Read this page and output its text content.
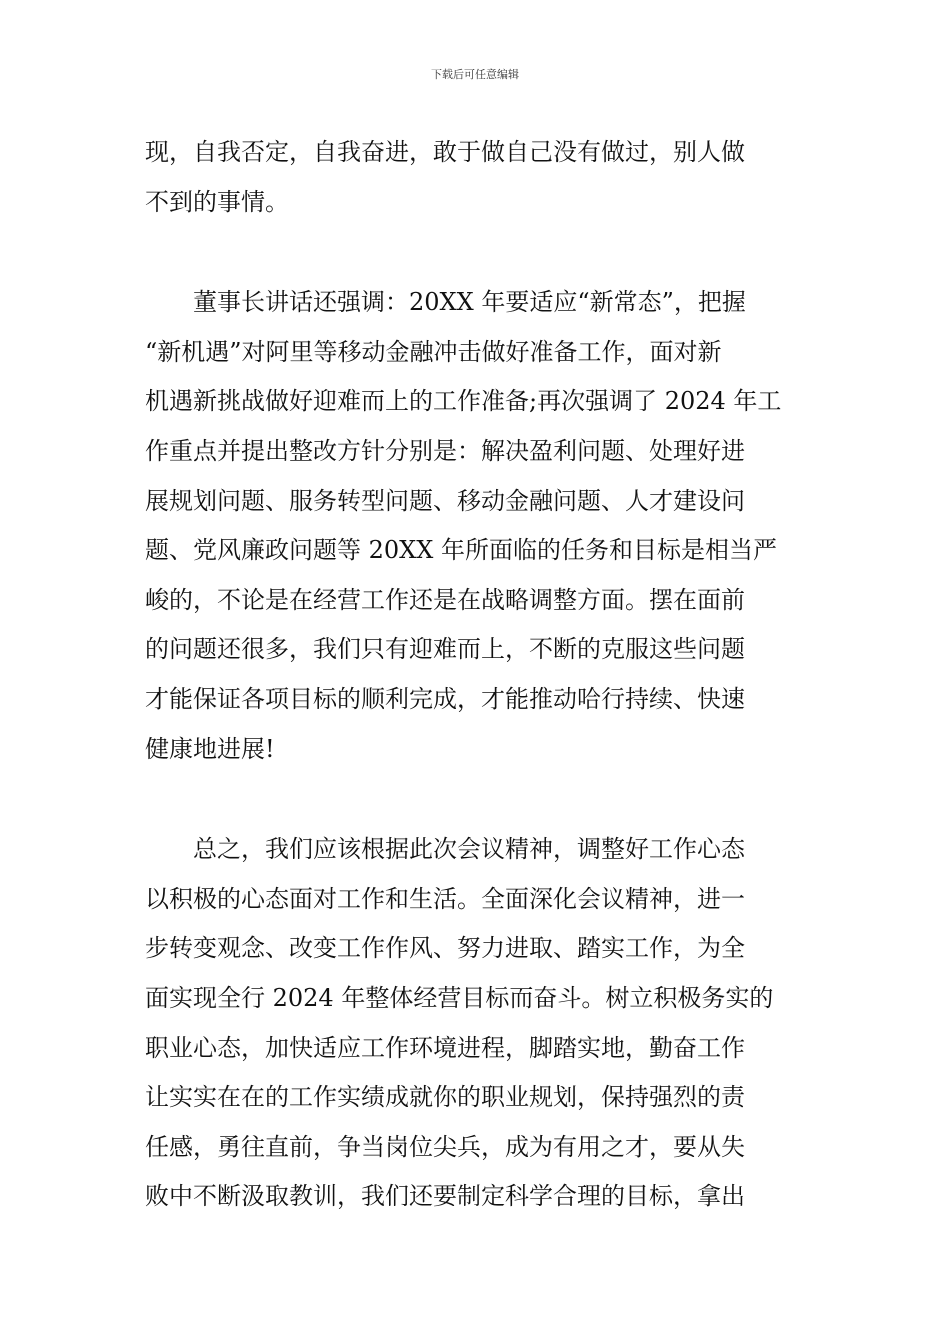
下载后可任意编辑
现，自我否定，自我奋进，敢于做自己没有做过，别人做
不到的事情。
董事长讲话还强调：20XX 年要适应“新常态”，把握
“新机遇”对阿里等移动金融冲击做好准备工作，面对新
机遇新挑战做好迎难而上的工作准备;再次强调了 2024 年工
作重点并提出整改方针分别是：解决盈利问题、处理好进
展规划问题、服务转型问题、移动金融问题、人才建设问
题、党风廉政问题等 20XX 年所面临的任务和目标是相当严
峻的，不论是在经营工作还是在战略调整方面。摆在面前
的问题还很多，我们只有迎难而上，不断的克服这些问题
才能保证各项目标的顺利完成，才能推动哈行持续、快速
健康地进展!
总之，我们应该根据此次会议精神，调整好工作心态
以积极的心态面对工作和生活。全面深化会议精神，进一
步转变观念、改变工作作风、努力进取、踏实工作，为全
面实现全行 2024 年整体经营目标而奋斗。树立积极务实的
职业心态，加快适应工作环境进程，脚踏实地，勤奋工作
让实实在在的工作实绩成就你的职业规划，保持强烈的责
任感，勇往直前，争当岗位尖兵，成为有用之才，要从失
败中不断汲取教训，我们还要制定科学合理的目标，拿出
